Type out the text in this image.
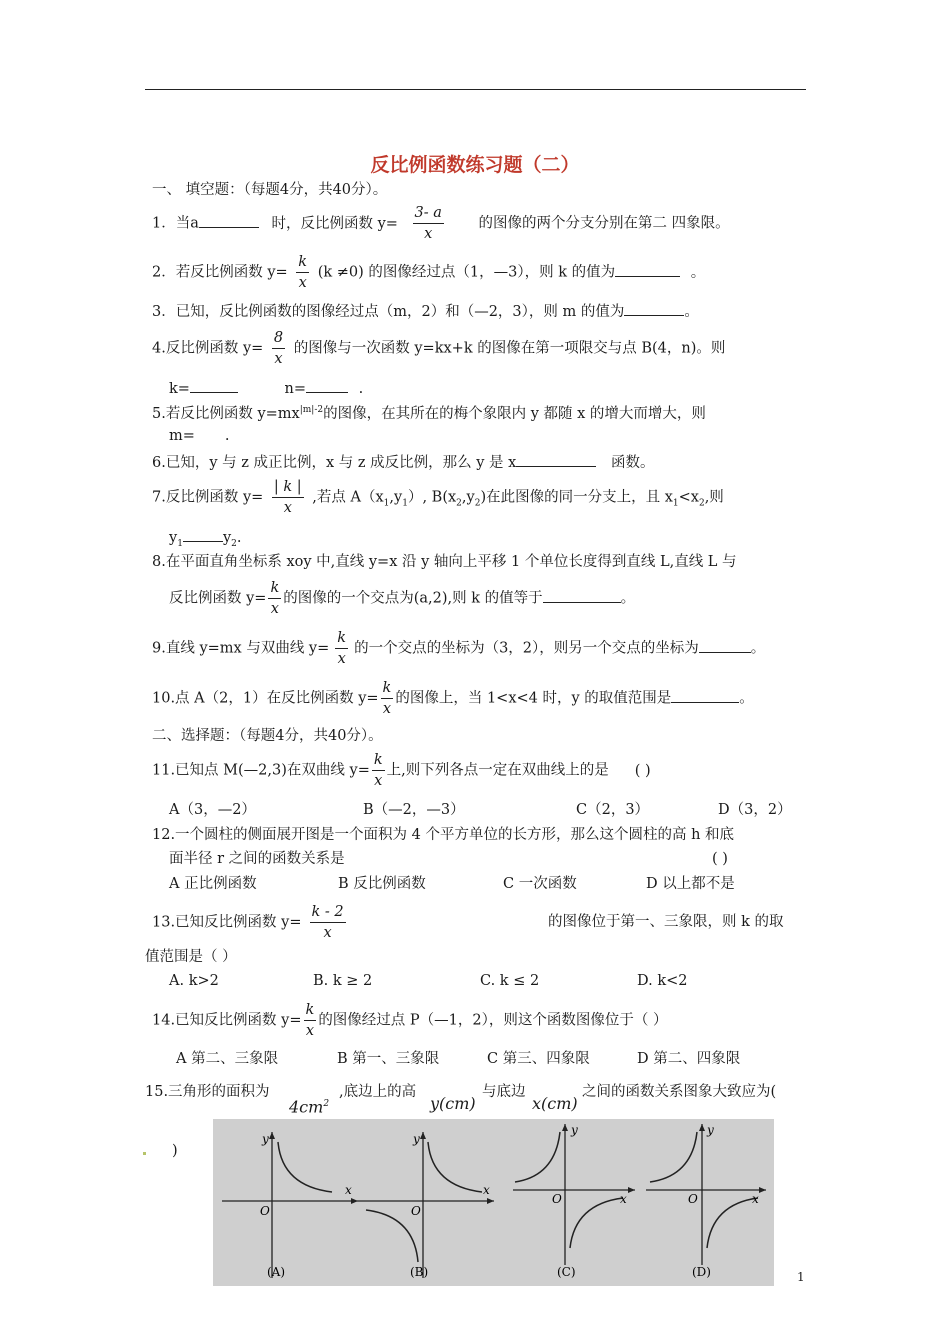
反比例函数练习题（二）
一、 填空题：（每题4分，共40分）。
1．当a	时，反比例函数 $y= \frac{3- a}{x}$ 的图像的两个分支分别在第二 四象限。
2．若反比例函数 $y= \frac{k}{x} (k \ne 0)$ 的图像经过点（1，—3），则 k 的值为	。
3．已知，反比例函数的图像经过点（m，2）和（—2，3），则 m 的值为	。
4.反比例函数 $y= \frac{8}{x}$ 的图像与一次函数 y=kx+k 的图像在第一项限交与点 B(4，n)。则
k=	n=	.
5.若反比例函数 $y=mx^{|m|-2}$的图像，在其所在的梅个象限内 y 都随 x 的增大而增大，则
m= .
6.已知，y 与 z 成正比例，x 与 z 成反比例，那么 y 是 x	函数。
7.反比例函数 $y= \frac{| k |}{x}$ ,若点 $A(x_1,y_1)$, $B(x_2,y_2)$在此图像的同一分支上，且 $x_1<x_2$,则
$y_1$	$y_2$.
8.在平面直角坐标系 xoy 中,直线 y=x 沿 y 轴向上平移 1 个单位长度得到直线 L,直线 L 与
反比例函数 $y= \frac{k}{x}$ 的图像的一个交点为(a,2),则 k 的值等于	。
9.直线 y=mx 与双曲线 $y= \frac{k}{x}$ 的一个交点的坐标为（3，2），则另一个交点的坐标为	。
10.点 A（2，1）在反比例函数 $y= \frac{k}{x}$ 的图像上，当 1<x<4 时，y 的取值范围是	。
二、选择题：（每题4分，共40分）。
11.已知点 M(—2,3)在双曲线 $y= \frac{k}{x}$ 上,则下列各点一定在双曲线上的是 ( )
A（3，—2）	B（—2，—3）	C（2，3）	D（3，2）
12.一个圆柱的侧面展开图是一个面积为 4 个平方单位的长方形，那么这个圆柱的高 h 和底
面半径 r 之间的函数关系是	( )
A 正比例函数	B 反比例函数	C 一次函数	D 以上都不是
13.已知反比例函数 $y= \frac{k - 2}{x}$	的图像位于第一、三象限，则 k 的取
值范围是（ ）
A. k>2	B. k ≥ 2	C. k ≤ 2	D. k<2
14.已知反比例函数 $y= \frac{k}{x}$ 的图像经过点 P（—1，2），则这个函数图像位于（ ）
A 第二、三象限	B 第一、三象限	C 第三、四象限	D 第二、四象限
15.三角形的面积为
$4cm^2$
,底边上的高
y(cm)
与底边
x(cm)
之间的函数关系图象大致应为(
)
y
x
O
(A)
y
x
O
(B)
y
x
O
(C)
y
x
O
(D)	1
